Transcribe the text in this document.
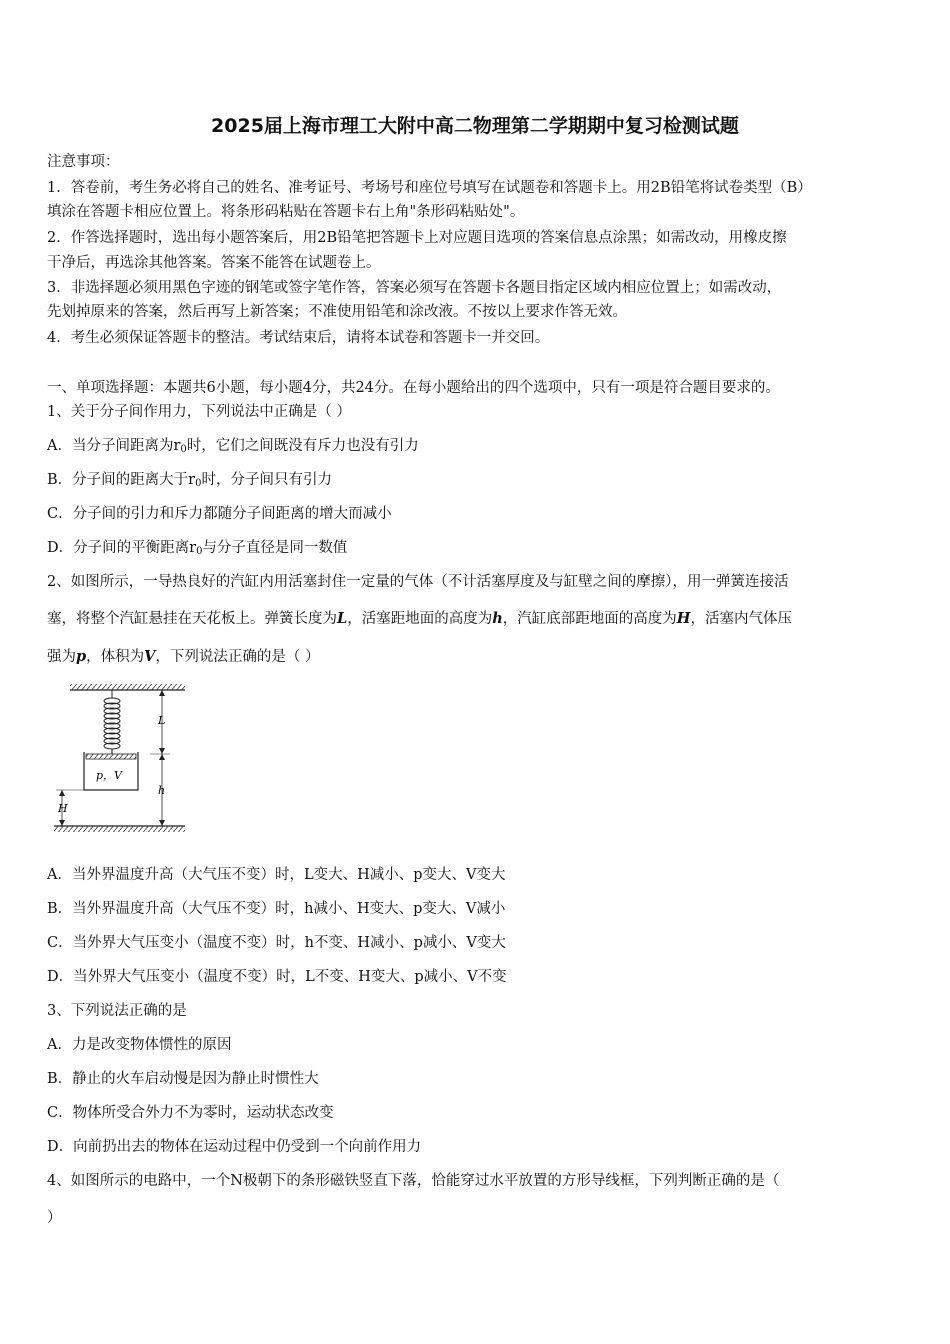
2025届上海市理工大附中高二物理第二学期期中复习检测试题
注意事项：
1．答卷前，考生务必将自己的姓名、准考证号、考场号和座位号填写在试题卷和答题卡上。用2B铅笔将试卷类型（B）
填涂在答题卡相应位置上。将条形码粘贴在答题卡右上角"条形码粘贴处"。
2．作答选择题时，选出每小题答案后，用2B铅笔把答题卡上对应题目选项的答案信息点涂黑；如需改动，用橡皮擦
干净后，再选涂其他答案。答案不能答在试题卷上。
3．非选择题必须用黑色字迹的钢笔或签字笔作答，答案必须写在答题卡各题目指定区域内相应位置上；如需改动，
先划掉原来的答案，然后再写上新答案；不准使用铅笔和涂改液。不按以上要求作答无效。
4．考生必须保证答题卡的整洁。考试结束后，请将本试卷和答题卡一并交回。
一、单项选择题：本题共6小题，每小题4分，共24分。在每小题给出的四个选项中，只有一项是符合题目要求的。
1、关于分子间作用力，下列说法中正确是（ ）
A．当分子间距离为$r_0$时，它们之间既没有斥力也没有引力
B．分子间的距离大于$r_0$时，分子间只有引力
C．分子间的引力和斥力都随分子间距离的增大而减小
D．分子间的平衡距离$r_0$与分子直径是同一数值
2、如图所示，一导热良好的汽缸内用活塞封住一定量的气体（不计活塞厚度及与缸壁之间的摩擦），用一弹簧连接活
塞，将整个汽缸悬挂在天花板上。弹簧长度为L，活塞距地面的高度为h，汽缸底部距地面的高度为H，活塞内气体压
强为p，体积为V，下列说法正确的是（ ）
p，V
L
h
H
A．当外界温度升高（大气压不变）时，L变大、H减小、p变大、V变大
B．当外界温度升高（大气压不变）时，h减小、H变大、p变大、V减小
C．当外界大气压变小（温度不变）时，h不变、H减小、p减小、V变大
D．当外界大气压变小（温度不变）时，L不变、H变大、p减小、V不变
3、下列说法正确的是
A．力是改变物体惯性的原因
B．静止的火车启动慢是因为静止时惯性大
C．物体所受合外力不为零时，运动状态改变
D．向前扔出去的物体在运动过程中仍受到一个向前作用力
4、如图所示的电路中，一个N极朝下的条形磁铁竖直下落，恰能穿过水平放置的方形导线框，下列判断正确的是（
）
